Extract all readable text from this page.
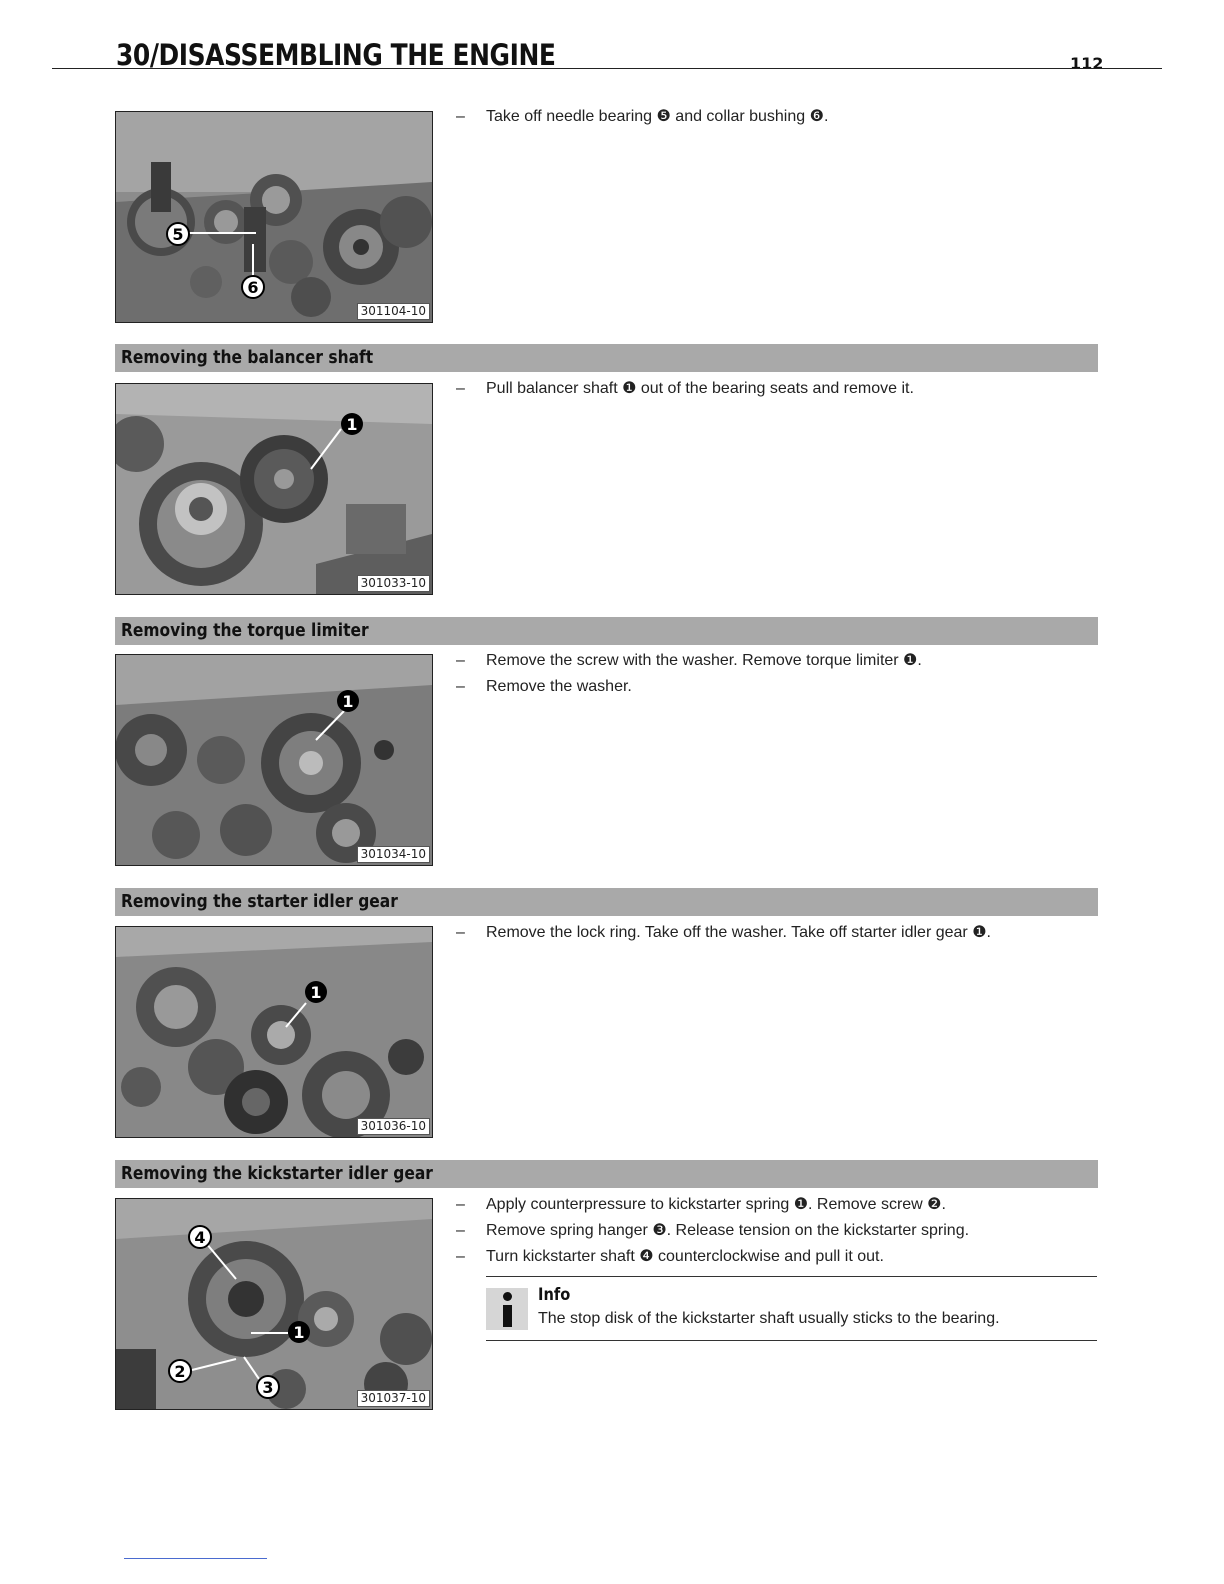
30/DISASSEMBLING THE ENGINE	112
5
6
301104-10
– Take off needle bearing ❺ and collar bushing ❻.
Removing the balancer shaft
1
301033-10
– Pull balancer shaft ❶ out of the bearing seats and remove it.
Removing the torque limiter
1
301034-10
– Remove the screw with the washer. Remove torque limiter ❶.
– Remove the washer.
Removing the starter idler gear
1
301036-10
– Remove the lock ring. Take off the washer. Take off starter idler gear ❶.
Removing the kickstarter idler gear
4
1
2
3
301037-10
– Apply counterpressure to kickstarter spring ❶. Remove screw ❷.
– Remove spring hanger ❸. Release tension on the kickstarter spring.
– Turn kickstarter shaft ❹ counterclockwise and pull it out.
Info
The stop disk of the kickstarter shaft usually sticks to the bearing.
